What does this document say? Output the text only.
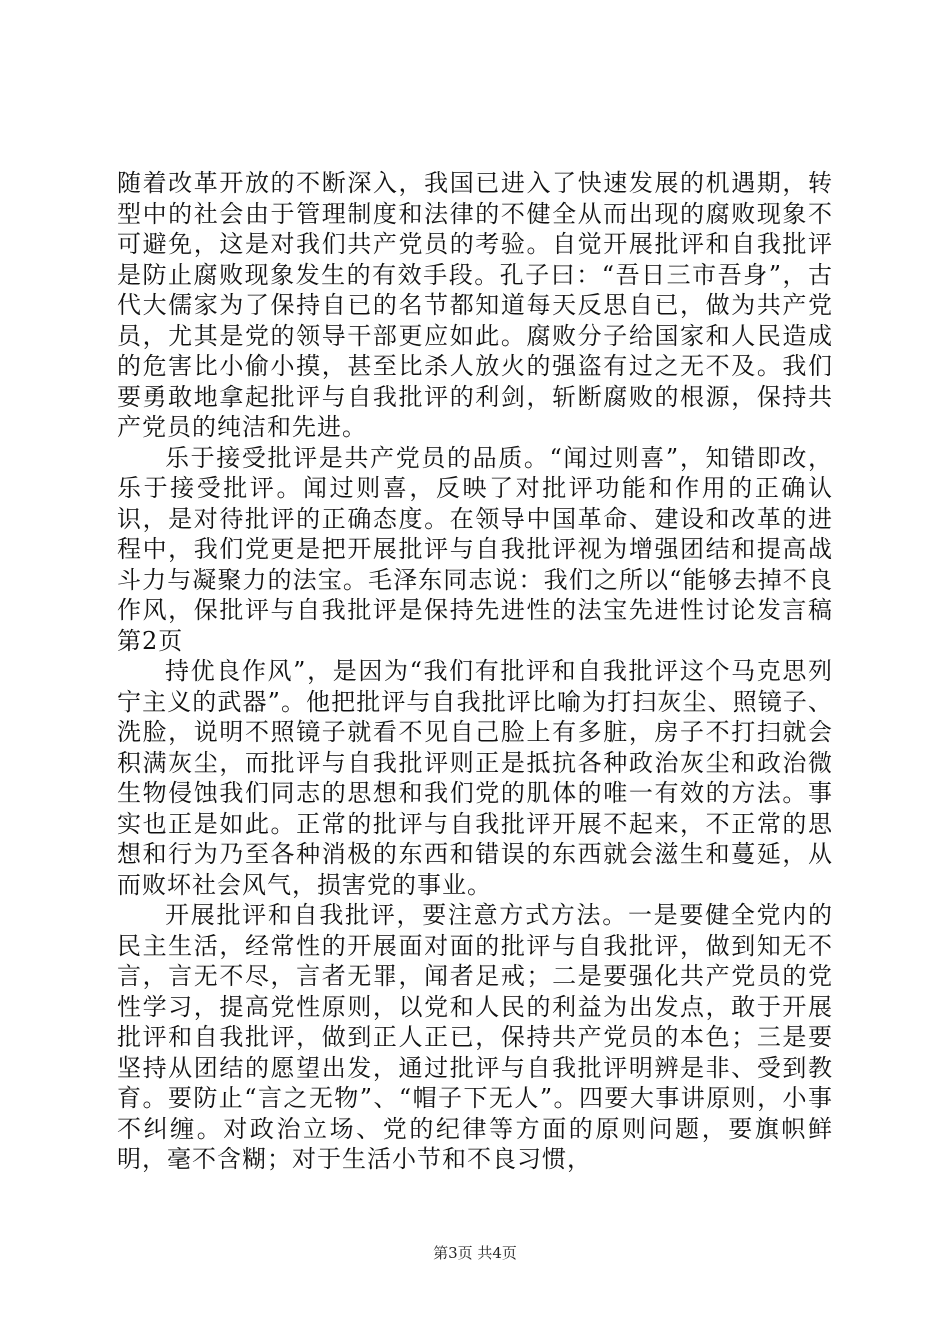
随着改革开放的不断深入，我国已进入了快速发展的机遇期，转型中的社会由于管理制度和法律的不健全从而出现的腐败现象不可避免，这是对我们共产党员的考验。自觉开展批评和自我批评是防止腐败现象发生的有效手段。孔子曰：“吾日三市吾身”，古代大儒家为了保持自已的名节都知道每天反思自已，做为共产党员，尤其是党的领导干部更应如此。腐败分子给国家和人民造成的危害比小偷小摸，甚至比杀人放火的强盗有过之无不及。我们要勇敢地拿起批评与自我批评的利剑，斩断腐败的根源，保持共产党员的纯洁和先进。

乐于接受批评是共产党员的品质。“闻过则喜”，知错即改，乐于接受批评。闻过则喜，反映了对批评功能和作用的正确认识，是对待批评的正确态度。在领导中国革命、建设和改革的进程中，我们党更是把开展批评与自我批评视为增强团结和提高战斗力与凝聚力的法宝。毛泽东同志说：我们之所以“能够去掉不良作风，保批评与自我批评是保持先进性的法宝先进性讨论发言稿第2页

持优良作风”，是因为“我们有批评和自我批评这个马克思列宁主义的武器”。他把批评与自我批评比喻为打扫灰尘、照镜子、洗脸，说明不照镜子就看不见自己脸上有多脏，房子不打扫就会积满灰尘，而批评与自我批评则正是抵抗各种政治灰尘和政治微生物侵蚀我们同志的思想和我们党的肌体的唯一有效的方法。事实也正是如此。正常的批评与自我批评开展不起来，不正常的思想和行为乃至各种消极的东西和错误的东西就会滋生和蔓延，从而败坏社会风气，损害党的事业。

开展批评和自我批评，要注意方式方法。一是要健全党内的民主生活，经常性的开展面对面的批评与自我批评，做到知无不言，言无不尽，言者无罪，闻者足戒；二是要强化共产党员的党性学习，提高党性原则，以党和人民的利益为出发点，敢于开展批评和自我批评，做到正人正已，保持共产党员的本色；三是要坚持从团结的愿望出发，通过批评与自我批评明辨是非、受到教育。要防止“言之无物”、“帽子下无人”。四要大事讲原则，小事不纠缠。对政治立场、党的纪律等方面的原则问题，要旗帜鲜明，毫不含糊；对于生活小节和不良习惯，

第3页 共4页
